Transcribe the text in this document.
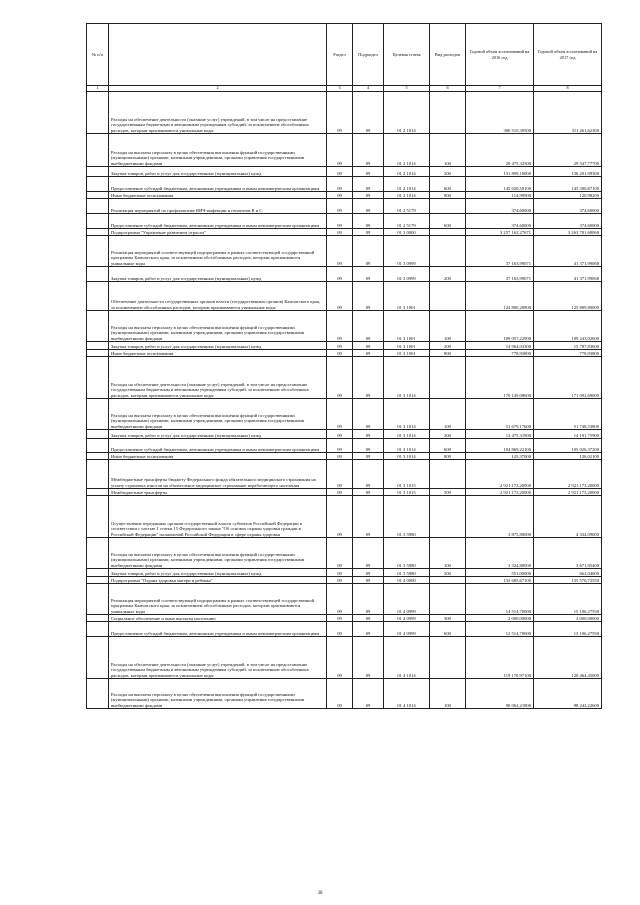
№ п/п		Раздел	Подраздел	Целевая статья	Вид расходов	Годовой объем ассигнований на 2016 год	Годовой объем ассигнований на 2017 год
1	2	3	4	5	6	7	8
	Расходы на обеспечение деятельности (оказание услуг) учреждений, в том числе на предоставление государственным бюджетным и автономным учреждениям субсидий, за исключением обособленных расходов, которым присваиваются уникальные коды	09	09	01 2 1014		306 510,39500	311 261,62300
	Расходы на выплаты персоналу в целях обеспечения выполнения функций государственными (муниципальными) органами, казенными учреждениями, органами управления государственными внебюджетными фондами	09	09	01 2 1014	100	29 475,32500	29 547,77700
	Закупка товаров, работ и услуг для государственных (муниципальных) нужд	09	09	01 2 1014	200	131 899,18000	136 201,99300
	Предоставление субсидий бюджетным, автономным учреждениям и иным некоммерческим организациям	09	09	01 2 1014	600	145 020,59100	145 390,87100
	Иные бюджетные ассигнования	09	09	01 2 1014	800	114,99900	120,98200
	Реализация мероприятий по профилактике ВИЧ-инфекции и гепатитов В и С	09	09	01 2 5179		374,60000	374,60000
	Предоставление субсидий бюджетным, автономным учреждениям и иным некоммерческим организациям	09	09	01 2 5179	600	374,60000	374,60000
	Подпрограмма "Управление развитием отрасли"	09	09	01 3 0000		3 257 162,27671	3 263 781,68068
	Реализация мероприятий соответствующей подпрограммы в рамках соответствующей государственной программы Камчатского края, за исключением обособленных расходов, которым присваиваются уникальные коды	09	09	01 3 0999		37 163,99071	41 371,99068
	Закупка товаров, работ и услуг для государственных (муниципальных) нужд	09	09	01 3 0999	200	37 163,99071	41 371,99068
	Обеспечение деятельности государственных органов власти (государственных органов) Камчатского края, за исключением обособленных расходов, которым присваиваются уникальные коды	09	09	01 3 1001		124 800,20800	125 809,80000
	Расходы на выплаты персоналу в целях обеспечения выполнения функций государственными (муниципальными) органами, казенными учреждениями, органами управления государственными внебюджетными фондами	09	09	01 3 1001	100	109 057,22900	109 243,02600
	Закупка товаров, работ и услуг для государственных (муниципальных) нужд	09	09	01 3 1001	200	14 964,03300	15 787,83600
	Иные бюджетные ассигнования	09	09	01 3 1001	800	778,93800	778,93800
	Расходы на обеспечение деятельности (оказание услуг) учреждений, в том числе на предоставление государственным бюджетным и автономным учреждениям субсидий, за исключением обособленных расходов, которым присваиваются уникальные коды	09	09	01 3 1014		170 149,08600	171 092,69000
	Расходы на выплаты персоналу в целях обеспечения выполнения функций государственными (муниципальными) органами, казенными учреждениями, органами управления государственными внебюджетными фондами	09	09	01 3 1014	100	51 679,17600	51 748,53800
	Закупка товаров, работ и услуг для государственных (муниципальных) нужд	09	09	01 3 1014	200	13 475,31900	14 191,75900
	Предоставление субсидий бюджетным, автономным учреждениям и иным некоммерческим организациям	09	09	01 3 1014	600	104 869,22100	105 026,37200
	Иные бюджетные ассигнования	09	09	01 3 1014	800	125,37000	126,02100
	Межбюджетные трансферты бюджету Федерального фонда обязательного медицинского страхования на уплату страховых взносов на обязательное медицинское страхование неработающего населения	09	09	01 3 1015		2 921 173,20000	2 921 173,20000
	Межбюджетные трансферты	09	09	01 3 1015	500	2 921 173,20000	2 921 173,20000
	Осуществление переданных органам государственной власти субъектов Российской Федерации в соответствии с частью 1 статьи 15 Федерального закона "Об основах охраны здоровья граждан в Российской Федерации" полномочий Российской Федерации в сфере охраны здоровья	09	09	01 3 5980		3 875,80000	4 334,09000
	Расходы на выплаты персоналу в целях обеспечения выполнения функций государственными (муниципальными) органами, казенными учреждениями, органами управления государственными внебюджетными фондами	09	09	01 3 5980	100	3 324,80000	3 671,95400
	Закупка товаров, работ и услуг для государственных (муниципальных) нужд	09	09	01 3 5980	200	551,00000	662,04600
	Подпрограмма "Охрана здоровья матери и ребенка"	09	09	01 4 0000		133 685,67100	135 570,72550
	Реализация мероприятий соответствующей подпрограммы в рамках соответствующей государственной программы Камчатского края, за исключением обособленных расходов, которым присваиваются уникальные коды	09	09	01 4 0999		14 514,70000	15 106,27550
	Социальное обеспечение и иные выплаты населению	09	09	01 4 0999	300	2 000,00000	2 000,00000
	Предоставление субсидий бюджетным, автономным учреждениям и иным некоммерческим организациям	09	09	01 4 0999	600	12 514,70000	13 106,27550
	Расходы на обеспечение деятельности (оказание услуг) учреждений, в том числе на предоставление государственным бюджетным и автономным учреждениям субсидий, за исключением обособленных расходов, которым присваиваются уникальные коды	09	09	01 4 1014		119 170,97100	120 464,45000
	Расходы на выплаты персоналу в целях обеспечения выполнения функций государственными (муниципальными) органами, казенными учреждениями, органами управления государственными внебюджетными фондами	09	09	01 4 1014	100	98 062,21800	98 242,22600
38
